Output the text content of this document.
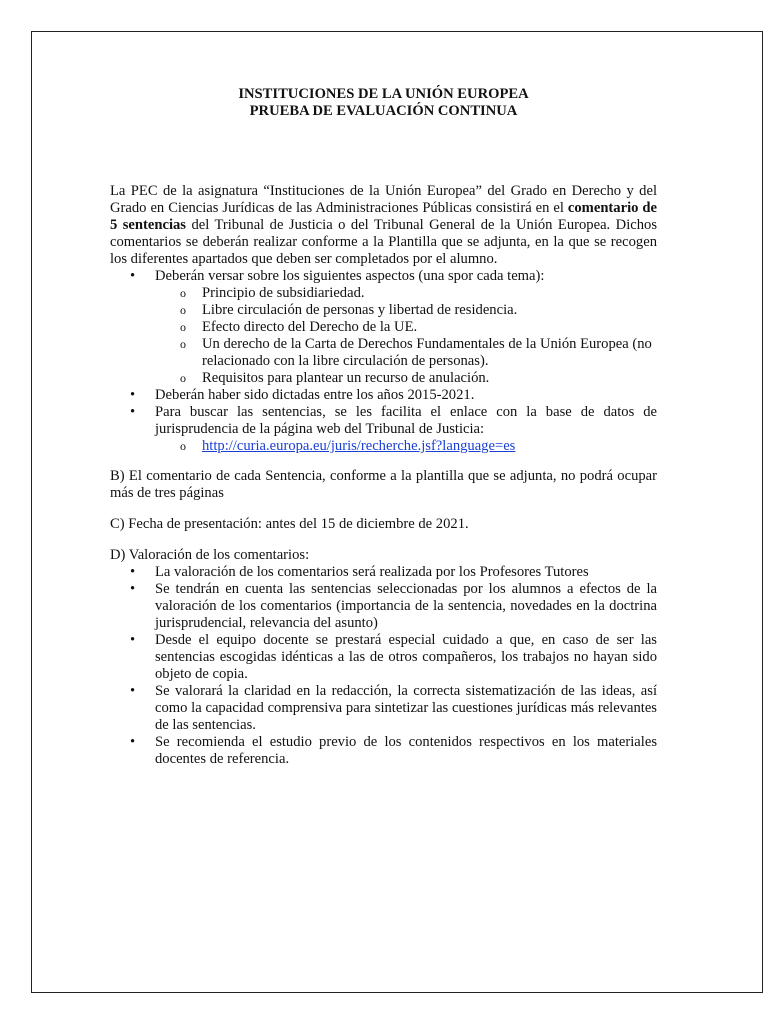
INSTITUCIONES DE LA UNIÓN EUROPEA
PRUEBA DE EVALUACIÓN CONTINUA

La PEC de la asignatura “Instituciones de la Unión Europea” del Grado en Derecho y del Grado en Ciencias Jurídicas de las Administraciones Públicas consistirá en el comentario de 5 sentencias del Tribunal de Justicia o del Tribunal General de la Unión Europea. Dichos comentarios se deberán realizar conforme a la Plantilla que se adjunta, en la que se recogen los diferentes apartados que deben ser completados por el alumno.

• Deberán versar sobre los siguientes aspectos (una spor cada tema):
o Principio de subsidiariedad.
o Libre circulación de personas y libertad de residencia.
o Efecto directo del Derecho de la UE.
o Un derecho de la Carta de Derechos Fundamentales de la Unión Europea (no relacionado con la libre circulación de personas).
o Requisitos para plantear un recurso de anulación.
• Deberán haber sido dictadas entre los años 2015-2021.
• Para buscar las sentencias, se les facilita el enlace con la base de datos de jurisprudencia de la página web del Tribunal de Justicia:
o http://curia.europa.eu/juris/recherche.jsf?language=es

B) El comentario de cada Sentencia, conforme a la plantilla que se adjunta, no podrá ocupar más de tres páginas

C) Fecha de presentación: antes del 15 de diciembre de 2021.

D) Valoración de los comentarios:

• La valoración de los comentarios será realizada por los Profesores Tutores
• Se tendrán en cuenta las sentencias seleccionadas por los alumnos a efectos de la valoración de los comentarios (importancia de la sentencia, novedades en la doctrina jurisprudencial, relevancia del asunto)
• Desde el equipo docente se prestará especial cuidado a que, en caso de ser las sentencias escogidas idénticas a las de otros compañeros, los trabajos no hayan sido objeto de copia.
• Se valorará la claridad en la redacción, la correcta sistematización de las ideas, así como la capacidad comprensiva para sintetizar las cuestiones jurídicas más relevantes de las sentencias.
• Se recomienda el estudio previo de los contenidos respectivos en los materiales docentes de referencia.
